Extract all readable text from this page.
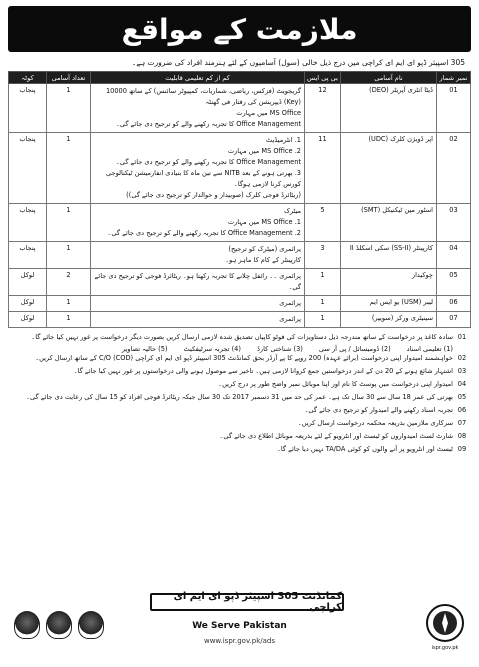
ملازمت کے مواقع
305 اسپیئر ڈپو ای ایم ای کراچی میں درج ذیل خالی (سول) آسامیوں کے لئے ہنرمند افراد کی ضرورت ہے۔
نمبر شمار	نام آسامی	بی پی ایس	کم از کم تعلیمی قابلیت	تعداد آسامی	کوٹہ
01	ڈیٹا انٹری آپریٹر (DEO)	12	گریجویٹ (فزکس، ریاضی، شماریات، کمپیوٹر سائنس) کے ساتھ 10000 (Key) ڈیپریشن کی رفتار فی گھنٹہ
MS Office میں مہارت
Office Management کا تجربہ رکھنے والے کو ترجیح دی جائے گی۔	1	پنجاب
02	اپر ڈویژن کلرک (UDC)	11	1. انٹرمیڈیٹ
2. MS Office میں مہارت
Office Management کا تجربہ رکھنے والے کو ترجیح دی جائے گی۔
3. بھرتی ہونے کے بعد NITB سے تین ماہ کا بنیادی انفارمیشن ٹیکنالوجی کورس کرنا لازمی ہوگا۔
(ریٹائرڈ فوجی کلرک (صوبیدار و حوالدار کو ترجیح دی جائے گی))	1	پنجاب
03	اسٹور مین ٹیکنیکل (SMT)	5	میٹرک
1. MS Office میں مہارت
2. Office Management کا تجربہ رکھنے والے کو ترجیح دی جائے گی۔	1	پنجاب
04	کارپینٹر (SS-II) سکی اسکلڈ II	3	پرائمری (میٹرک کو ترجیح)
کارپینٹر کے کام کا ماہر ہو۔	1	پنجاب
05	چوکیدار	1	پرائمری ۔۔ رائفل چلانے کا تجربہ رکھتا ہو۔ ریٹائرڈ فوجی کو ترجیح دی جائے گی۔	2	لوکل
06	لیبر (USM) یو ایس ایم	1	پرائمری	1	لوکل
07	سینیٹری ورکر (سویپر)	1	پرائمری	1	لوکل
01
سادہ کاغذ پر درخواست کے ساتھ مندرجہ ذیل دستاویزات کی فوٹو کاپیاں تصدیق شدہ لازمی ارسال کریں بصورت دیگر درخواست پر غور نہیں کیا جائے گا۔
(1) تعلیمی اسناد
(2) ڈومیسائل / پی آر سی
(3) شناختی کارڈ
(4) تجربہ سرٹیفکیٹ
(5) حالیہ تصاویر
02
خواہشمند امیدوار اپنی درخواست (برائے عہدہ) 200 روپے کا پے آرڈر بحق کمانڈنٹ 305 اسپیئر ڈپو ای ایم ای کراچی (COD) C/O کے ساتھ ارسال کریں۔
03
اشتہار شائع ہونے کے 20 دن کے اندر درخواستیں جمع کروانا لازمی ہیں۔ تاخیر سے موصول ہونے والی درخواستوں پر غور نہیں کیا جائے گا۔
04
امیدوار اپنی درخواست میں پوسٹ کا نام اور اپنا موبائل نمبر واضح طور پر درج کریں۔
05
بھرتی کی عمر 18 سال سے 30 سال تک ہے۔ عمر کی حد میں 31 دسمبر 2017 تک 30 سال جبکہ ریٹائرڈ فوجی افراد کو 15 سال کی رعایت دی جائے گی۔
06
تجربہ اسناد رکھنے والے امیدوار کو ترجیح دی جائے گی۔
07
سرکاری ملازمین بذریعہ محکمہ درخواست ارسال کریں۔
08
شارٹ لسٹ امیدواروں کو ٹیسٹ اور انٹرویو کے لئے بذریعہ موبائل اطلاع دی جائے گی۔
09
ٹیسٹ اور انٹرویو پر آنے والوں کو کوئی TA/DA نہیں دیا جائے گا۔
کمانڈنٹ 305 اسپیئر ڈپو ای ایم ای کراچی
We Serve Pakistan
www.ispr.gov.pk/ads
ispr.gov.pk
